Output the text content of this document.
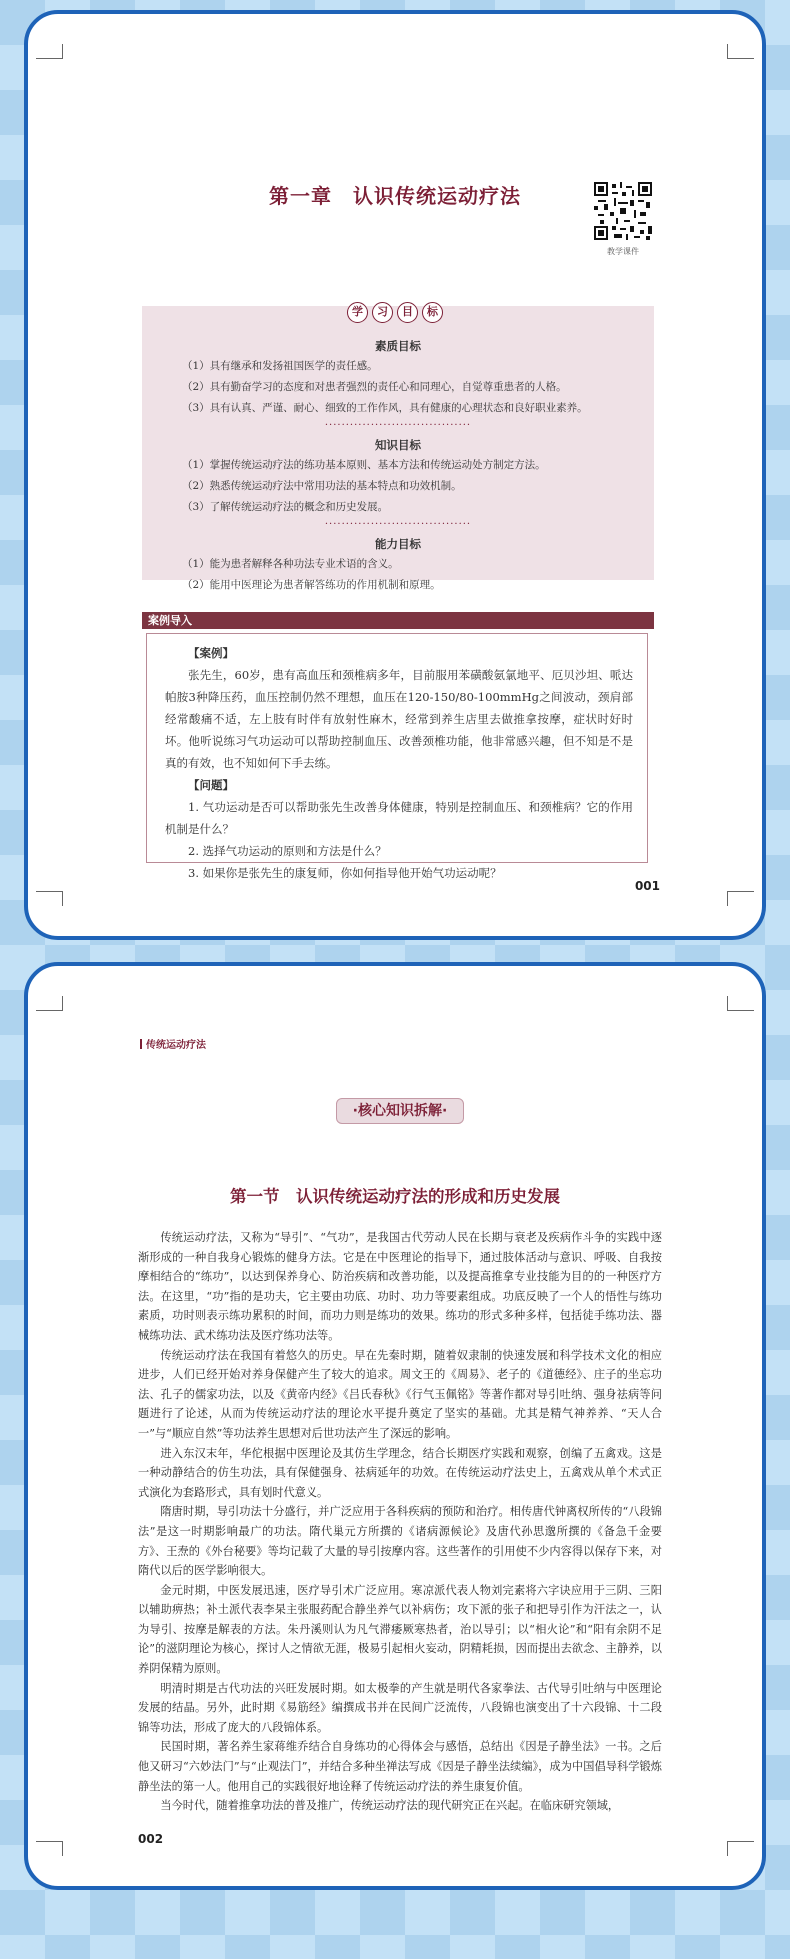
第一章　认识传统运动疗法
教学课件
素质目标
（1）具有继承和发扬祖国医学的责任感。
（2）具有勤奋学习的态度和对患者强烈的责任心和同理心，自觉尊重患者的人格。
（3）具有认真、严谨、耐心、细致的工作作风，具有健康的心理状态和良好职业素养。
···································
知识目标
（1）掌握传统运动疗法的练功基本原则、基本方法和传统运动处方制定方法。
（2）熟悉传统运动疗法中常用功法的基本特点和功效机制。
（3）了解传统运动疗法的概念和历史发展。
···································
能力目标
（1）能为患者解释各种功法专业术语的含义。
（2）能用中医理论为患者解答练功的作用机制和原理。
学 习 目 标
案例导入

【案例】

张先生，60岁，患有高血压和颈椎病多年，目前服用苯磺酸氨氯地平、厄贝沙坦、哌达帕胺3种降压药，血压控制仍然不理想，血压在120-150/80-100mmHg之间波动，颈肩部经常酸痛不适，左上肢有时伴有放射性麻木，经常到养生店里去做推拿按摩，症状时好时坏。他听说练习气功运动可以帮助控制血压、改善颈椎功能，他非常感兴趣，但不知是不是真的有效，也不知如何下手去练。

【问题】

1. 气功运动是否可以帮助张先生改善身体健康，特别是控制血压、和颈椎病？它的作用机制是什么？

2. 选择气功运动的原则和方法是什么？

3. 如果你是张先生的康复师，你如何指导他开始气功运动呢？

001
传统运动疗法
·核心知识拆解·
第一节　认识传统运动疗法的形成和历史发展

传统运动疗法，又称为“导引”、“气功”，是我国古代劳动人民在长期与衰老及疾病作斗争的实践中逐渐形成的一种自我身心锻炼的健身方法。它是在中医理论的指导下，通过肢体活动与意识、呼吸、自我按摩相结合的“练功”，以达到保养身心、防治疾病和改善功能，以及提高推拿专业技能为目的的一种医疗方法。在这里，“功”指的是功夫，它主要由功底、功时、功力等要素组成。功底反映了一个人的悟性与练功素质，功时则表示练功累积的时间，而功力则是练功的效果。练功的形式多种多样，包括徒手练功法、器械练功法、武术练功法及医疗练功法等。

传统运动疗法在我国有着悠久的历史。早在先秦时期，随着奴隶制的快速发展和科学技术文化的相应进步，人们已经开始对养身保健产生了较大的追求。周文王的《周易》、老子的《道德经》、庄子的坐忘功法、孔子的儒家功法，以及《黄帝内经》《吕氏春秋》《行气玉佩铭》等著作都对导引吐纳、强身祛病等问题进行了论述，从而为传统运动疗法的理论水平提升奠定了坚实的基础。尤其是精气神养养、“天人合一”与“顺应自然”等功法养生思想对后世功法产生了深远的影响。

进入东汉末年，华佗根据中医理论及其仿生学理念，结合长期医疗实践和观察，创编了五禽戏。这是一种动静结合的仿生功法，具有保健强身、祛病延年的功效。在传统运动疗法史上，五禽戏从单个术式正式演化为套路形式，具有划时代意义。

隋唐时期，导引功法十分盛行，并广泛应用于各科疾病的预防和治疗。相传唐代钟离权所传的“八段锦法”是这一时期影响最广的功法。隋代巢元方所撰的《诸病源候论》及唐代孙思邈所撰的《备急千金要方》、王焘的《外台秘要》等均记载了大量的导引按摩内容。这些著作的引用使不少内容得以保存下来，对隋代以后的医学影响很大。

金元时期，中医发展迅速，医疗导引术广泛应用。寒凉派代表人物刘完素将六字诀应用于三阴、三阳以辅助痹热；补土派代表李杲主张服药配合静坐养气以补病伤；攻下派的张子和把导引作为汗法之一，认为导引、按摩是解表的方法。朱丹溪则认为凡气滞痿厥寒热者，治以导引；以“相火论”和“阳有余阴不足论”的滋阴理论为核心，探讨人之情欲无涯，极易引起相火妄动，阴精耗损，因而提出去欲念、主静养，以养阴保精为原则。

明清时期是古代功法的兴旺发展时期。如太极拳的产生就是明代各家拳法、古代导引吐纳与中医理论发展的结晶。另外，此时期《易筋经》编撰成书并在民间广泛流传，八段锦也演变出了十六段锦、十二段锦等功法，形成了庞大的八段锦体系。

民国时期，著名养生家蒋维乔结合自身练功的心得体会与感悟，总结出《因是子静坐法》一书。之后他又研习“六妙法门”与“止观法门”，并结合多种坐禅法写成《因是子静坐法续编》，成为中国倡导科学锻炼静坐法的第一人。他用自己的实践很好地诠释了传统运动疗法的养生康复价值。

当今时代，随着推拿功法的普及推广，传统运动疗法的现代研究正在兴起。在临床研究领域，

002
